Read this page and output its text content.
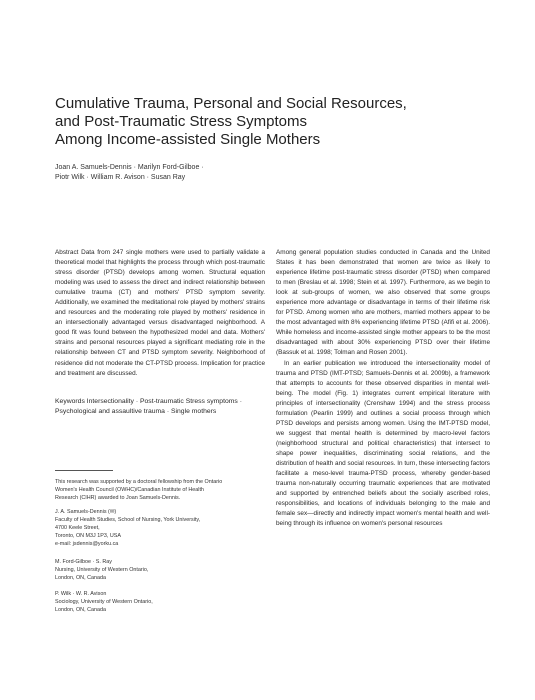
Cumulative Trauma, Personal and Social Resources,
and Post-Traumatic Stress Symptoms
Among Income-assisted Single Mothers
Joan A. Samuels-Dennis · Marilyn Ford-Gilboe ·
Piotr Wilk · William R. Avison · Susan Ray

Abstract Data from 247 single mothers were used to partially validate a theoretical model that highlights the process through which post-traumatic stress disorder (PTSD) develops among women. Structural equation modeling was used to assess the direct and indirect relationship between cumulative trauma (CT) and mothers' PTSD symptom severity. Additionally, we examined the meditational role played by mothers' strains and resources and the moderating role played by mothers' residence in an intersectionally advantaged versus disadvantaged neighborhood. A good fit was found between the hypothesized model and data. Mothers' strains and personal resources played a significant mediating role in the relationship between CT and PTSD symptom severity. Neighborhood of residence did not moderate the CT-PTSD process. Implication for practice and treatment are discussed.

Keywords Intersectionality · Post-traumatic Stress symptoms · Psychological and assaultive trauma · Single mothers

Among general population studies conducted in Canada and the United States it has been demonstrated that women are twice as likely to experience lifetime post-traumatic stress disorder (PTSD) when compared to men (Breslau et al. 1998; Stein et al. 1997). Furthermore, as we begin to look at sub-groups of women, we also observed that some groups experience more advantage or disadvantage in terms of their lifetime risk for PTSD. Among women who are mothers, married mothers appear to be the most advantaged with 8% experiencing lifetime PTSD (Afifi et al. 2006). While homeless and income-assisted single mother appears to be the most disadvantaged with about 30% experiencing PTSD over their lifetime (Bassuk et al. 1998; Tolman and Rosen 2001).

In an earlier publication we introduced the intersectionality model of trauma and PTSD (IMT-PTSD; Samuels-Dennis et al. 2009b), a framework that attempts to accounts for these observed disparities in mental well-being. The model (Fig. 1) integrates current empirical literature with principles of intersectionality (Crenshaw 1994) and the stress process formulation (Pearlin 1999) and outlines a social process through which PTSD develops and persists among women. Using the IMT-PTSD model, we suggest that mental health is determined by macro-level factors (neighborhood structural and political characteristics) that intersect to shape power inequalities, discriminating social relations, and the distribution of health and social resources. In turn, these intersecting factors facilitate a meso-level trauma-PTSD process, whereby gender-based trauma non-naturally occurring traumatic experiences that are motivated and supported by entrenched beliefs about the socially ascribed roles, responsibilities, and locations of individuals belonging to the male and female sex—directly and indirectly impact women's mental health and well-being through its influence on women's personal resources

This research was supported by a doctoral fellowship from the Ontario
Women's Health Council (OWHC)/Canadian Institute of Health
Research (CIHR) awarded to Joan Samuels-Dennis.
J. A. Samuels-Dennis (✉)
Faculty of Health Studies, School of Nursing, York University,
4700 Keele Street,
Toronto, ON M3J 1P3, USA
e-mail: jsdennis@yorku.ca
M. Ford-Gilboe · S. Ray
Nursing, University of Western Ontario,
London, ON, Canada
P. Wilk · W. R. Avison
Sociology, University of Western Ontario,
London, ON, Canada
